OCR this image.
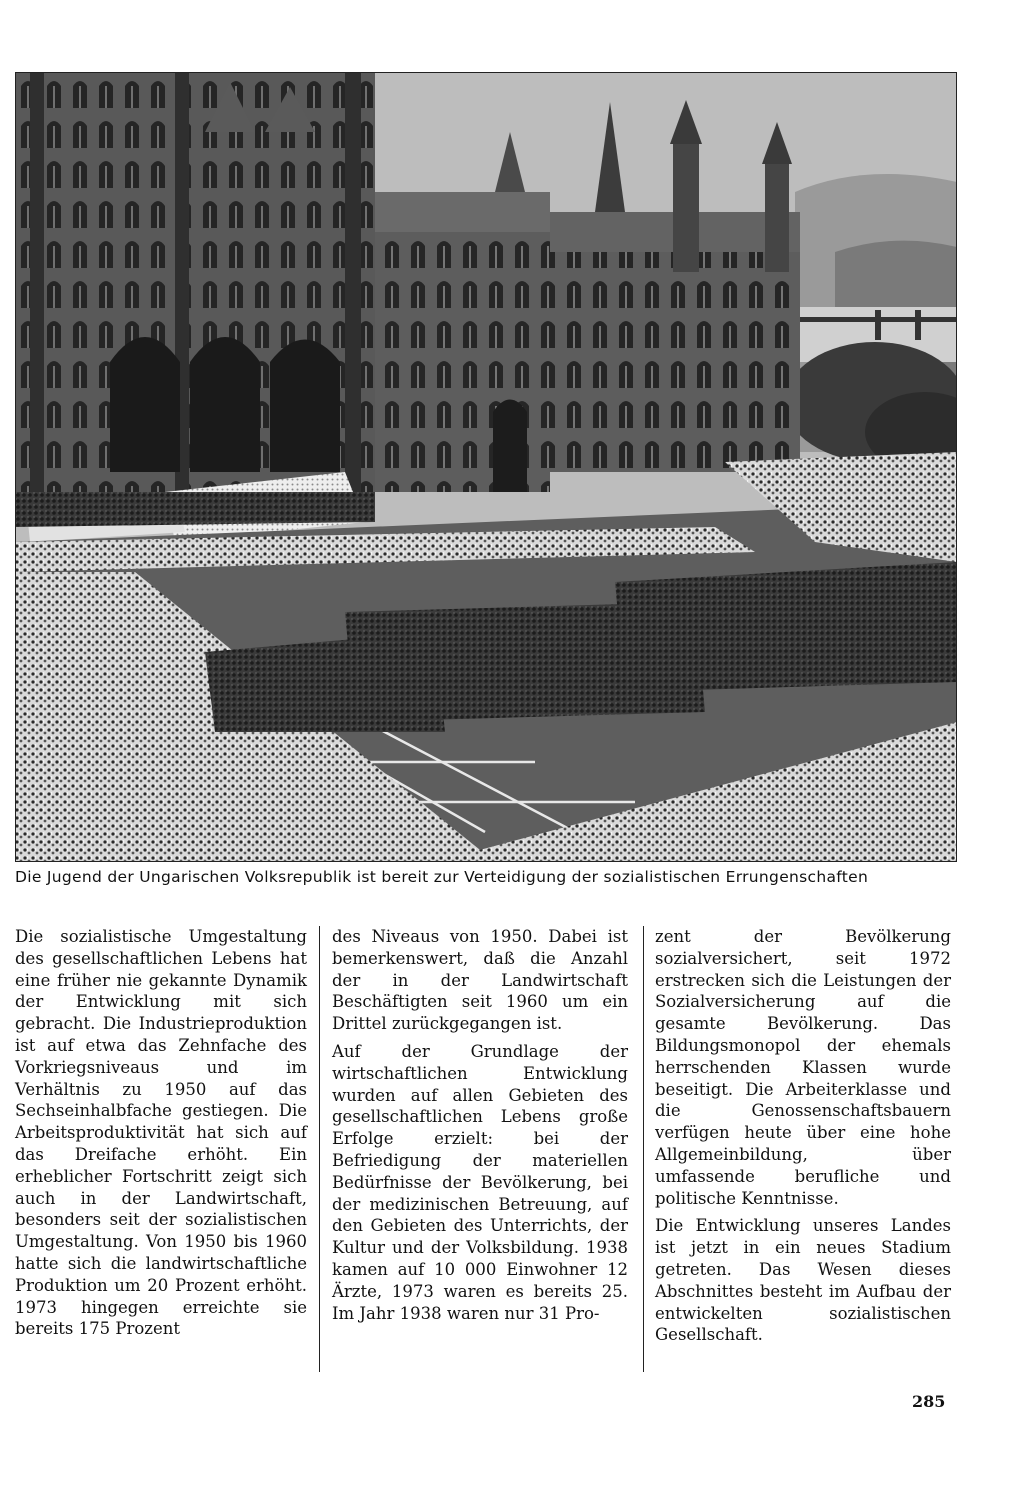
Die Jugend der Ungarischen Volksrepublik ist bereit zur Verteidigung der sozialistischen Errungenschaften

Die sozialistische Umgestaltung des gesellschaftlichen Lebens hat eine früher nie gekannte Dynamik der Entwicklung mit sich gebracht. Die Industrieproduktion ist auf etwa das Zehnfache des Vorkriegsniveaus und im Verhältnis zu 1950 auf das Sechseinhalbfache gestiegen. Die Arbeitsproduktivität hat sich auf das Dreifache erhöht. Ein erheblicher Fortschritt zeigt sich auch in der Landwirtschaft, besonders seit der sozialistischen Umgestaltung. Von 1950 bis 1960 hatte sich die landwirtschaftliche Produktion um 20 Prozent erhöht. 1973 hingegen erreichte sie bereits 175 Prozent

des Niveaus von 1950. Dabei ist bemerkenswert, daß die Anzahl der in der Landwirtschaft Beschäftigten seit 1960 um ein Drittel zurückgegangen ist.

Auf der Grundlage der wirtschaftlichen Entwicklung wurden auf allen Gebieten des gesellschaftlichen Lebens große Erfolge erzielt: bei der Befriedigung der materiellen Bedürfnisse der Bevölkerung, bei der medizinischen Betreuung, auf den Gebieten des Unterrichts, der Kultur und der Volksbildung. 1938 kamen auf 10 000 Einwohner 12 Ärzte, 1973 waren es bereits 25. Im Jahr 1938 waren nur 31 Pro-

zent der Bevölkerung sozialversichert, seit 1972 erstrecken sich die Leistungen der Sozialversicherung auf die gesamte Bevölkerung. Das Bildungsmonopol der ehemals herrschenden Klassen wurde beseitigt. Die Arbeiterklasse und die Genossenschaftsbauern verfügen heute über eine hohe Allgemeinbildung, über umfassende berufliche und politische Kenntnisse.

Die Entwicklung unseres Landes ist jetzt in ein neues Stadium getreten. Das Wesen dieses Abschnittes besteht im Aufbau der entwickelten sozialistischen Gesellschaft.

285
